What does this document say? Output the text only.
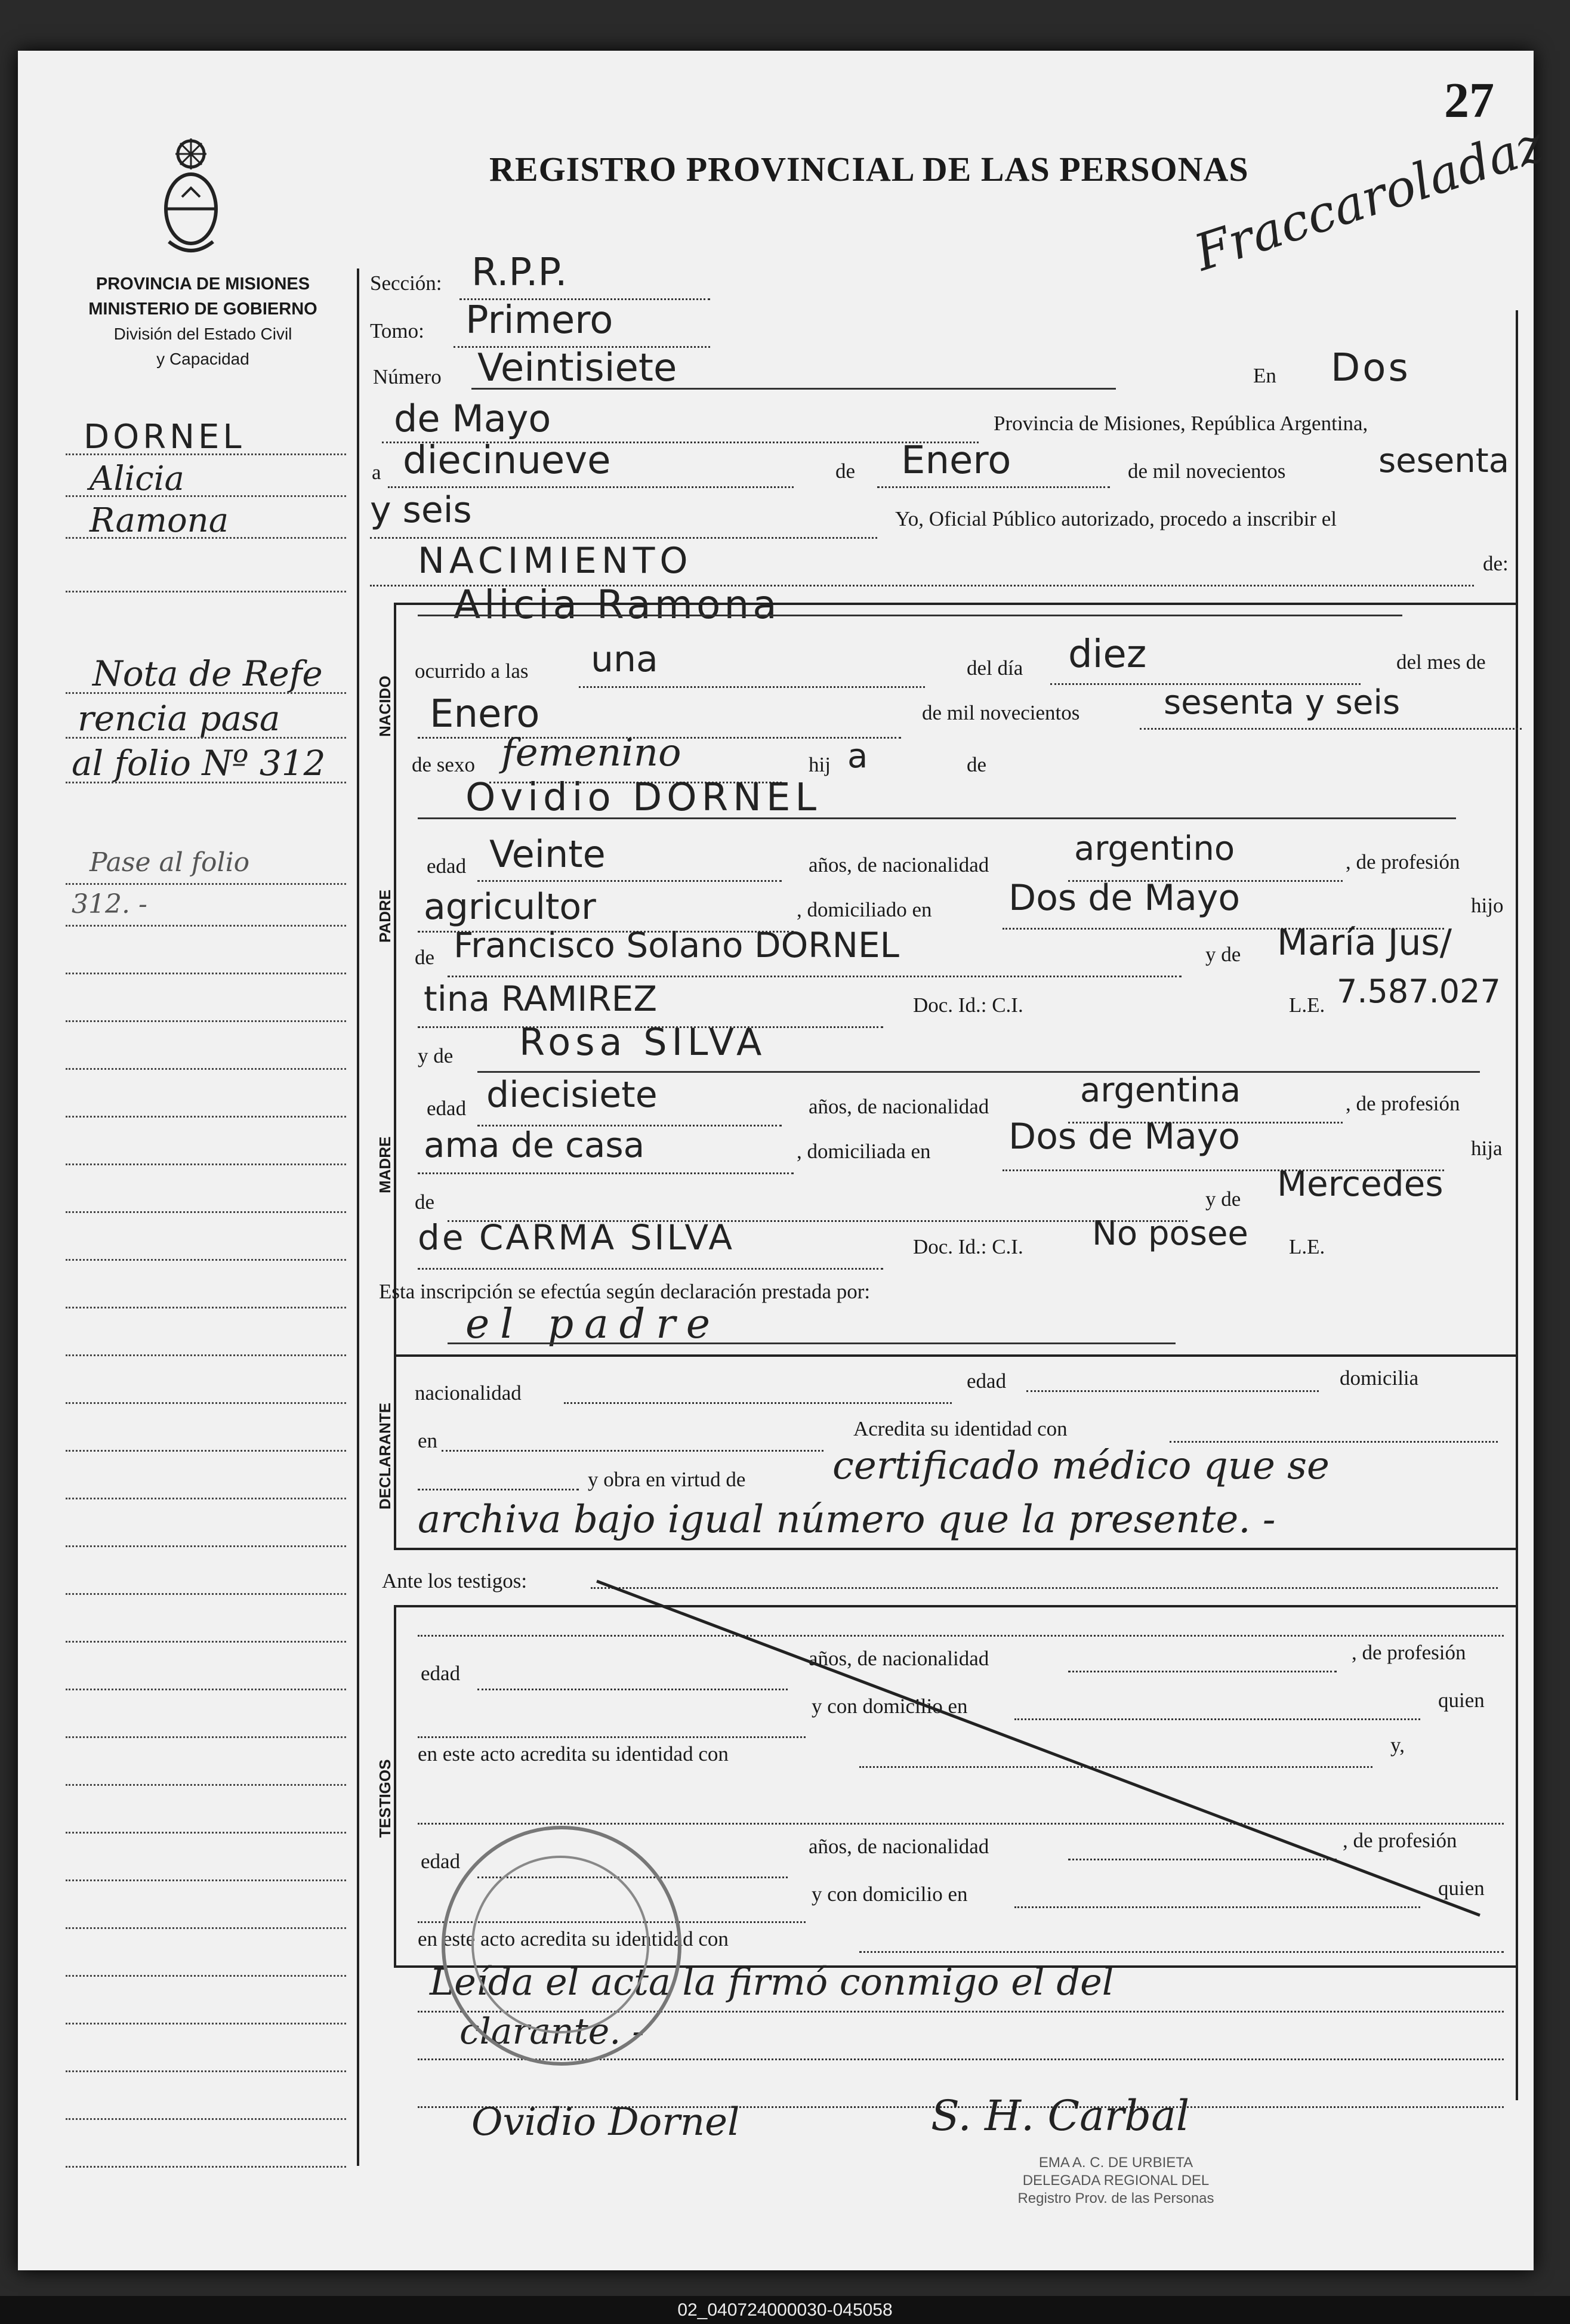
27
REGISTRO PROVINCIAL DE LAS PERSONAS
PROVINCIA DE MISIONES
MINISTERIO DE GOBIERNO
División del Estado Civil
y Capacidad
DORNEL
Alicia
Ramona
Nota de Refe
rencia pasa
al folio Nº 312
Pase al folio
312. -
Sección: R.P.P.
Tomo: Primero
Número Veintisiete	En Dos
de Mayo	Provincia de Misiones, República Argentina,
a diecinueve	de Enero	de mil novecientos	sesenta
y seis	Yo, Oficial Público autorizado, procedo a inscribir el
NACIMIENTO	de:
Fraccaroladaz
NACIDO
Alicia Ramona
ocurrido a las una	del día diez	del mes de
Enero	de mil novecientos	sesenta y seis
de sexo femenino	hij a	de
PADRE
Ovidio DORNEL
edad Veinte	años, de nacionalidad	argentino	, de profesión
agricultor	, domiciliado en Dos de Mayo	hijo
de Francisco Solano DORNEL	y de María Jus/
tina RAMIREZ	Doc. Id.: C.I.	L.E. 7.587.027
MADRE
y de Rosa SILVA
edad diecisiete	años, de nacionalidad	argentina	, de profesión
ama de casa	, domiciliada en Dos de Mayo	hija
de	y de Mercedes
de CARMA SILVA	Doc. Id.: C.I. No posee L.E.
Esta inscripción se efectúa según declaración prestada por:
el padre
DECLARANTE
nacionalidad
edad	domicilia
en
Acredita su identidad con
y obra en virtud de certificado médico que se
archiva bajo igual número que la presente. -
Ante los testigos:
TESTIGOS
edad
años, de nacionalidad	, de profesión
y con domicilio en	quien
en este acto acredita su identidad con	y,
edad
años, de nacionalidad	, de profesión
y con domicilio en	quien
en este acto acredita su identidad con
Leída el acta la firmó conmigo el del
clarante. -
Ovidio Dornel	S. H. Carbal
EMA A. C. DE URBIETA
DELEGADA REGIONAL DEL
Registro Prov. de las Personas
02_040724000030-045058
